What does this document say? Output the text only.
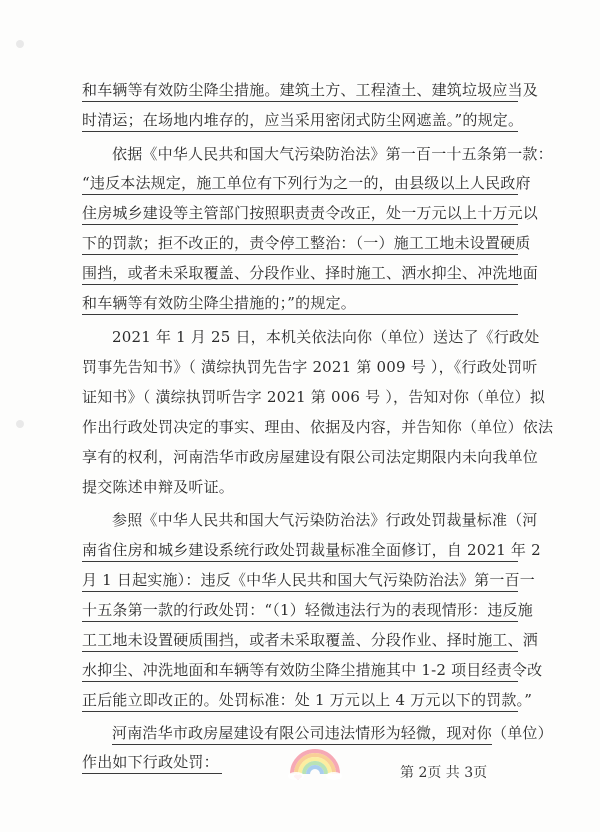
和车辆等有效防尘降尘措施。建筑土方、工程渣土、建筑垃圾应当及
时清运；在场地内堆存的，应当采用密闭式防尘网遮盖。”的规定。
依据《中华人民共和国大气污染防治法》第一百一十五条第一款：
“违反本法规定，施工单位有下列行为之一的，由县级以上人民政府
住房城乡建设等主管部门按照职责责令改正，处一万元以上十万元以
下的罚款；拒不改正的，责令停工整治：（一）施工工地未设置硬质
围挡，或者未采取覆盖、分段作业、择时施工、洒水抑尘、冲洗地面
和车辆等有效防尘降尘措施的；”的规定。
2021 年 1 月 25 日，本机关依法向你（单位）送达了《行政处
罚事先告知书》（ 潢综执罚先告字 2021 第 009 号 ），《行政处罚听
证知书》（ 潢综执罚听告字 2021 第 006 号 ），告知对你（单位）拟
作出行政处罚决定的事实、理由、依据及内容，并告知你（单位）依法
享有的权利，河南浩华市政房屋建设有限公司法定期限内未向我单位
提交陈述申辩及听证。
参照《中华人民共和国大气污染防治法》行政处罚裁量标准（河
南省住房和城乡建设系统行政处罚裁量标准全面修订，自 2021 年 2
月 1 日起实施）：违反《中华人民共和国大气污染防治法》第一百一
十五条第一款的行政处罚：“（1）轻微违法行为的表现情形：违反施
工工地未设置硬质围挡，或者未采取覆盖、分段作业、择时施工、洒
水抑尘、冲洗地面和车辆等有效防尘降尘措施其中 1-2 项目经责令改
正后能立即改正的。处罚标准：处 1 万元以上 4 万元以下的罚款。”
河南浩华市政房屋建设有限公司违法情形为轻微，现对你（单位）
作出如下行政处罚：
第 2页 共 3页
